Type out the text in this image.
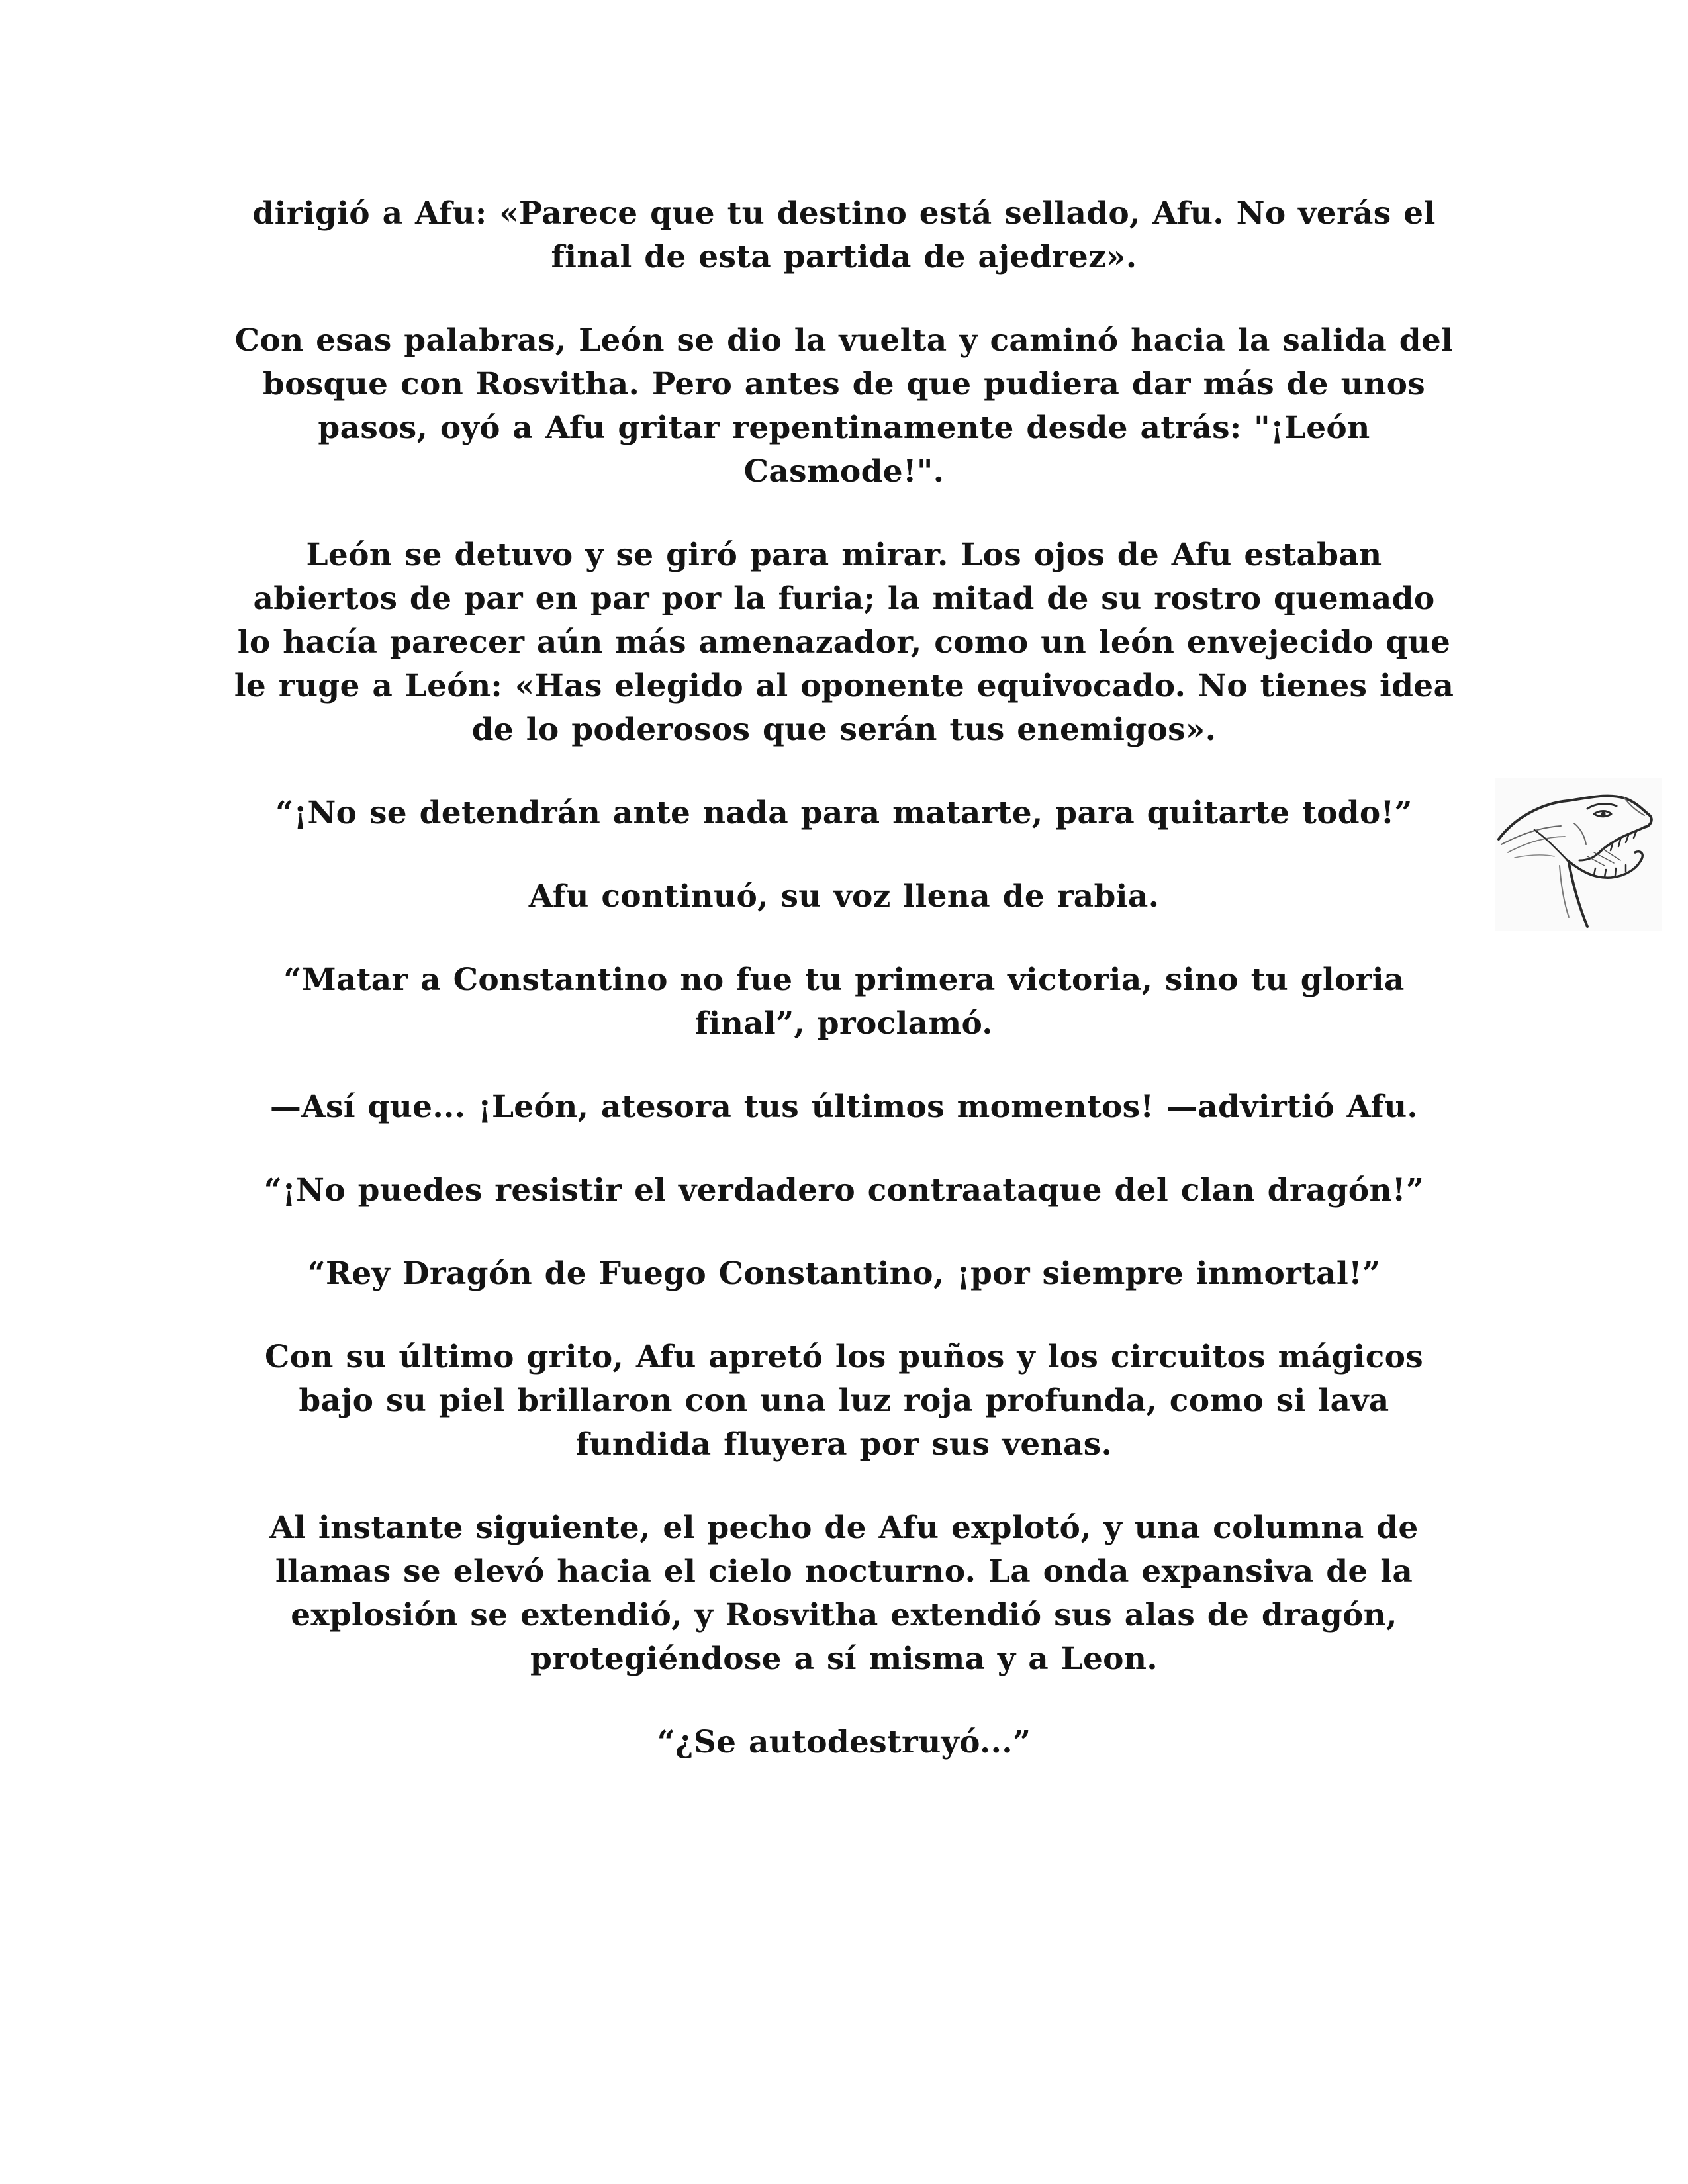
dirigió a Afu: «Parece que tu destino está sellado, Afu. No verás el final de esta partida de ajedrez».

Con esas palabras, León se dio la vuelta y caminó hacia la salida del bosque con Rosvitha. Pero antes de que pudiera dar más de unos pasos, oyó a Afu gritar repentinamente desde atrás: "¡León Casmode!".

León se detuvo y se giró para mirar. Los ojos de Afu estaban abiertos de par en par por la furia; la mitad de su rostro quemado lo hacía parecer aún más amenazador, como un león envejecido que le ruge a León: «Has elegido al oponente equivocado. No tienes idea de lo poderosos que serán tus enemigos».

“¡No se detendrán ante nada para matarte, para quitarte todo!”

Afu continuó, su voz llena de rabia.

“Matar a Constantino no fue tu primera victoria, sino tu gloria final”, proclamó.

—Así que... ¡León, atesora tus últimos momentos! —advirtió Afu.

“¡No puedes resistir el verdadero contraataque del clan dragón!”

“Rey Dragón de Fuego Constantino, ¡por siempre inmortal!”

Con su último grito, Afu apretó los puños y los circuitos mágicos bajo su piel brillaron con una luz roja profunda, como si lava fundida fluyera por sus venas.

Al instante siguiente, el pecho de Afu explotó, y una columna de llamas se elevó hacia el cielo nocturno. La onda expansiva de la explosión se extendió, y Rosvitha extendió sus alas de dragón, protegiéndose a sí misma y a Leon.

“¿Se autodestruyó...”
